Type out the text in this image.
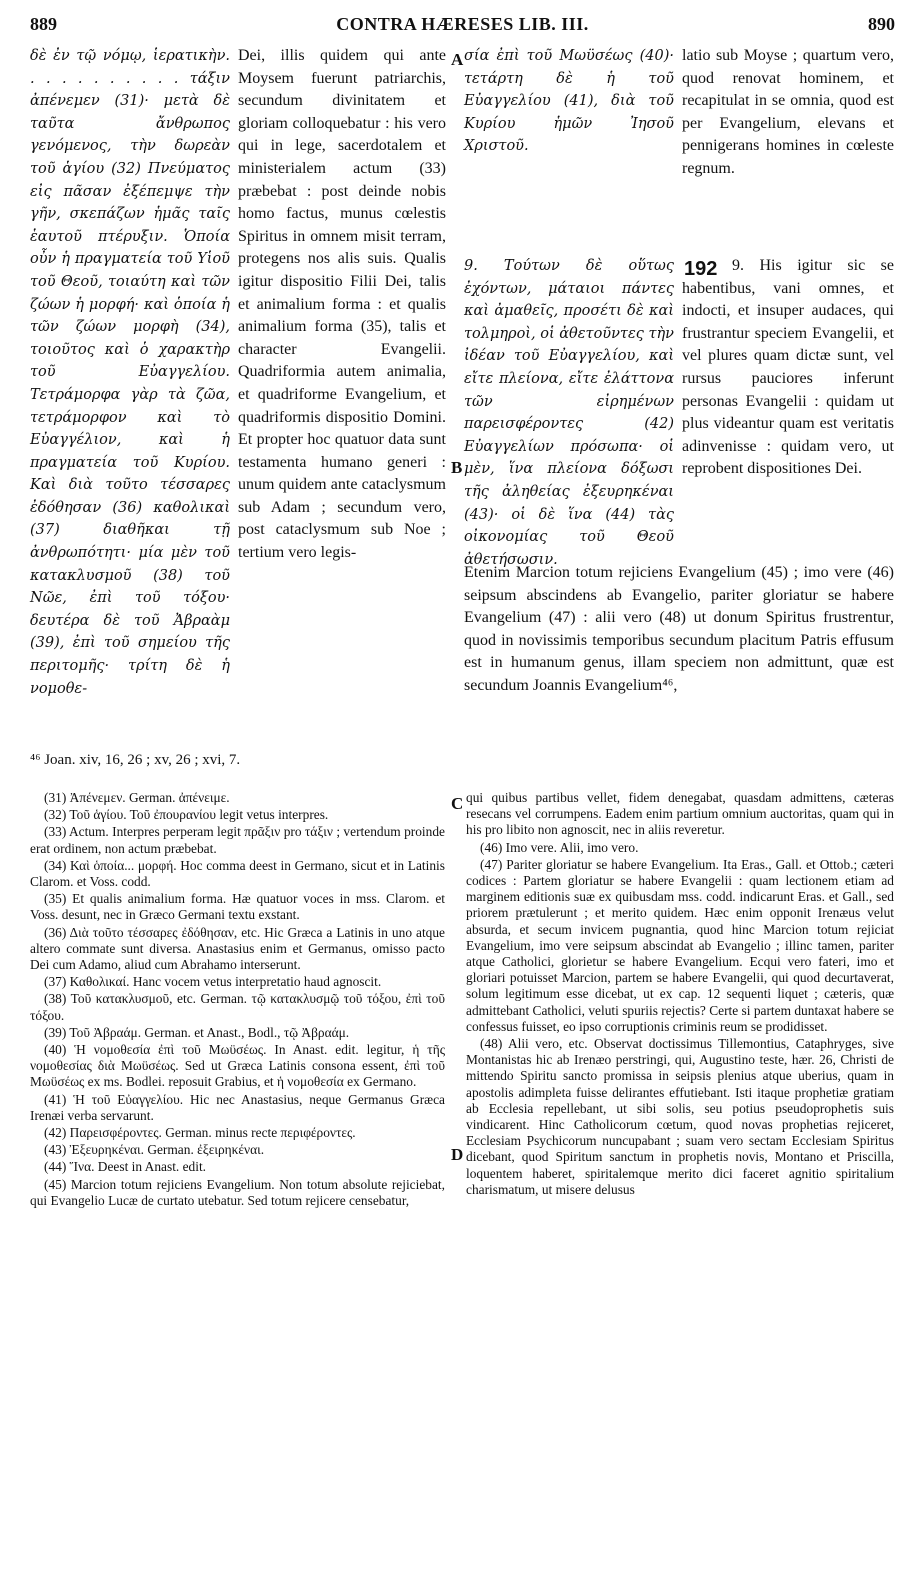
889	CONTRA HÆRESES LIB. III.	890

δὲ ἐν τῷ νόμῳ, ἱερατικὴν. . . . . . . . . . . τάξιν ἀπένεμεν (31)· μετὰ δὲ ταῦτα ἄνθρωπος γενόμενος, τὴν δωρεὰν τοῦ ἁγίου (32) Πνεύματος εἰς πᾶσαν ἐξέπεμψε τὴν γῆν, σκεπάζων ἡμᾶς ταῖς ἑαυτοῦ πτέρυξιν. Ὁποία οὖν ἡ πραγματεία τοῦ Υἱοῦ τοῦ Θεοῦ, τοιαύτη καὶ τῶν ζώων ἡ μορφή· καὶ ὁποία ἡ τῶν ζώων μορφὴ (34), τοιοῦτος καὶ ὁ χαρακτὴρ τοῦ Εὐαγγελίου. Τετράμορφα γὰρ τὰ ζῶα, τετράμορφον καὶ τὸ Εὐαγγέλιον, καὶ ἡ πραγματεία τοῦ Κυρίου. Καὶ διὰ τοῦτο τέσσαρες ἐδόθησαν (36) καθολικαὶ (37) διαθῆκαι τῇ ἀνθρωπότητι· μία μὲν τοῦ κατακλυσμοῦ (38) τοῦ Νῶε, ἐπὶ τοῦ τόξου· δευτέρα δὲ τοῦ Ἀβραὰμ (39), ἐπὶ τοῦ σημείου τῆς περιτομῆς· τρίτη δὲ ἡ νομοθε-

Dei, illis quidem qui ante Moysem fuerunt patriarchis, secundum divinitatem et gloriam colloquebatur : his vero qui in lege, sacerdotalem et ministerialem actum (33) præbebat : post deinde nobis homo factus, munus cœlestis Spiritus in omnem misit terram, protegens nos alis suis. Qualis igitur dispositio Filii Dei, talis et animalium forma : et qualis animalium forma (35), talis et character Evangelii. Quadriformia autem animalia, et quadriforme Evangelium, et quadriformis dispositio Domini. Et propter hoc quatuor data sunt testamenta humano generi : unum quidem ante cataclysmum sub Adam ; secundum vero, post cataclysmum sub Noe ; tertium vero legis-

A
B
C
D

σία ἐπὶ τοῦ Μωϋσέως (40)· τετάρτη δὲ ἡ τοῦ Εὐαγγελίου (41), διὰ τοῦ Κυρίου ἡμῶν Ἰησοῦ Χριστοῦ.

latio sub Moyse ; quartum vero, quod renovat hominem, et recapitulat in se omnia, quod est per Evangelium, elevans et pennigerans homines in cœleste regnum.

9. Τούτων δὲ οὕτως ἐχόντων, μάταιοι πάντες καὶ ἀμαθεῖς, προσέτι δὲ καὶ τολμηροὶ, οἱ ἀθετοῦντες τὴν ἰδέαν τοῦ Εὐαγγελίου, καὶ εἴτε πλείονα, εἴτε ἐλάττονα τῶν εἰρημένων παρεισφέροντες (42) Εὐαγγελίων πρόσωπα· οἱ μὲν, ἵνα πλείονα δόξωσι τῆς ἀληθείας ἐξευρηκέναι (43)· οἱ δὲ ἵνα (44) τὰς οἰκονομίας τοῦ Θεοῦ ἀθετήσωσιν.

9. His igitur sic se habentibus, vani omnes, et indocti, et insuper audaces, qui frustrantur speciem Evangelii, et vel plures quam dictæ sunt, vel rursus pauciores inferunt personas Evangelii : quidam ut plus videantur quam est veritatis adinvenisse : quidam vero, ut reprobent dispositiones Dei.

192

Etenim Marcion totum rejiciens Evangelium (45) ; imo vere (46) seipsum abscindens ab Evangelio, pariter gloriatur se habere Evangelium (47) : alii vero (48) ut donum Spiritus frustrentur, quod in novissimis temporibus secundum placitum Patris effusum est in humanum genus, illam speciem non admittunt, quæ est secundum Joannis Evangelium⁴⁶,

⁴⁶ Joan. xiv, 16, 26 ; xv, 26 ; xvi, 7.

(31) Ἀπένεμεν. German. ἀπένειμε.

(32) Τοῦ ἁγίου. Τοῦ ἐπουρανίου legit vetus interpres.

(33) Actum. Interpres perperam legit πρᾶξιν pro τάξιν ; vertendum proinde erat ordinem, non actum præbebat.

(34) Καὶ ὁποία... μορφή. Hoc comma deest in Germano, sicut et in Latinis Clarom. et Voss. codd.

(35) Et qualis animalium forma. Hæ quatuor voces in mss. Clarom. et Voss. desunt, nec in Græco Germani textu exstant.

(36) Διὰ τοῦτο τέσσαρες ἐδόθησαν, etc. Hic Græca a Latinis in uno atque altero commate sunt diversa. Anastasius enim et Germanus, omisso pacto Dei cum Adamo, aliud cum Abrahamo interserunt.

(37) Καθολικαί. Hanc vocem vetus interpretatio haud agnoscit.

(38) Τοῦ κατακλυσμοῦ, etc. German. τῷ κατακλυσμῷ τοῦ τόξου, ἐπὶ τοῦ τόξου.

(39) Τοῦ Ἀβραάμ. German. et Anast., Bodl., τῷ Ἀβραάμ.

(40) Ἡ νομοθεσία ἐπὶ τοῦ Μωϋσέως. In Anast. edit. legitur, ἡ τῆς νομοθεσίας διὰ Μωϋσέως. Sed ut Græca Latinis consona essent, ἐπὶ τοῦ Μωϋσέως ex ms. Bodlei. reposuit Grabius, et ἡ νομοθεσία ex Germano.

(41) Ἡ τοῦ Εὐαγγελίου. Hic nec Anastasius, neque Germanus Græca Irenæi verba servarunt.

(42) Παρεισφέροντες. German. minus recte περιφέροντες.

(43) Ἐξευρηκέναι. German. ἐξειρηκέναι.

(44) Ἵνα. Deest in Anast. edit.

(45) Marcion totum rejiciens Evangelium. Non totum absolute rejiciebat, qui Evangelio Lucæ de curtato utebatur. Sed totum rejicere censebatur,

qui quibus partibus vellet, fidem denegabat, quasdam admittens, cæteras resecans vel corrumpens. Eadem enim partium omnium auctoritas, quam qui in his pro libito non agnoscit, nec in aliis reveretur.

(46) Imo vere. Alii, imo vero.

(47) Pariter gloriatur se habere Evangelium. Ita Eras., Gall. et Ottob.; cæteri codices : Partem gloriatur se habere Evangelii : quam lectionem etiam ad marginem editionis suæ ex quibusdam mss. codd. indicarunt Eras. et Gall., sed priorem prætulerunt ; et merito quidem. Hæc enim opponit Irenæus velut absurda, et secum invicem pugnantia, quod hinc Marcion totum rejiciat Evangelium, imo vere seipsum abscindat ab Evangelio ; illinc tamen, pariter atque Catholici, glorietur se habere Evangelium. Ecqui vero fateri, imo et gloriari potuisset Marcion, partem se habere Evangelii, qui quod decurtaverat, solum legitimum esse dicebat, ut ex cap. 12 sequenti liquet ; cæteris, quæ admittebant Catholici, veluti spuriis rejectis? Certe si partem duntaxat habere se confessus fuisset, eo ipso corruptionis criminis reum se prodidisset.

(48) Alii vero, etc. Observat doctissimus Tillemontius, Cataphryges, sive Montanistas hic ab Irenæo perstringi, qui, Augustino teste, hær. 26, Christi de mittendo Spiritu sancto promissa in seipsis plenius atque uberius, quam in apostolis adimpleta fuisse delirantes effutiebant. Isti itaque prophetiæ gratiam ab Ecclesia repellebant, ut sibi solis, seu potius pseudoprophetis suis vindicarent. Hinc Catholicorum cœtum, quod novas prophetias rejiceret, Ecclesiam Psychicorum nuncupabant ; suam vero sectam Ecclesiam Spiritus dicebant, quod Spiritum sanctum in prophetis novis, Montano et Priscilla, loquentem haberet, spiritalemque merito dici faceret agnitio spiritalium charismatum, ut misere delusus
